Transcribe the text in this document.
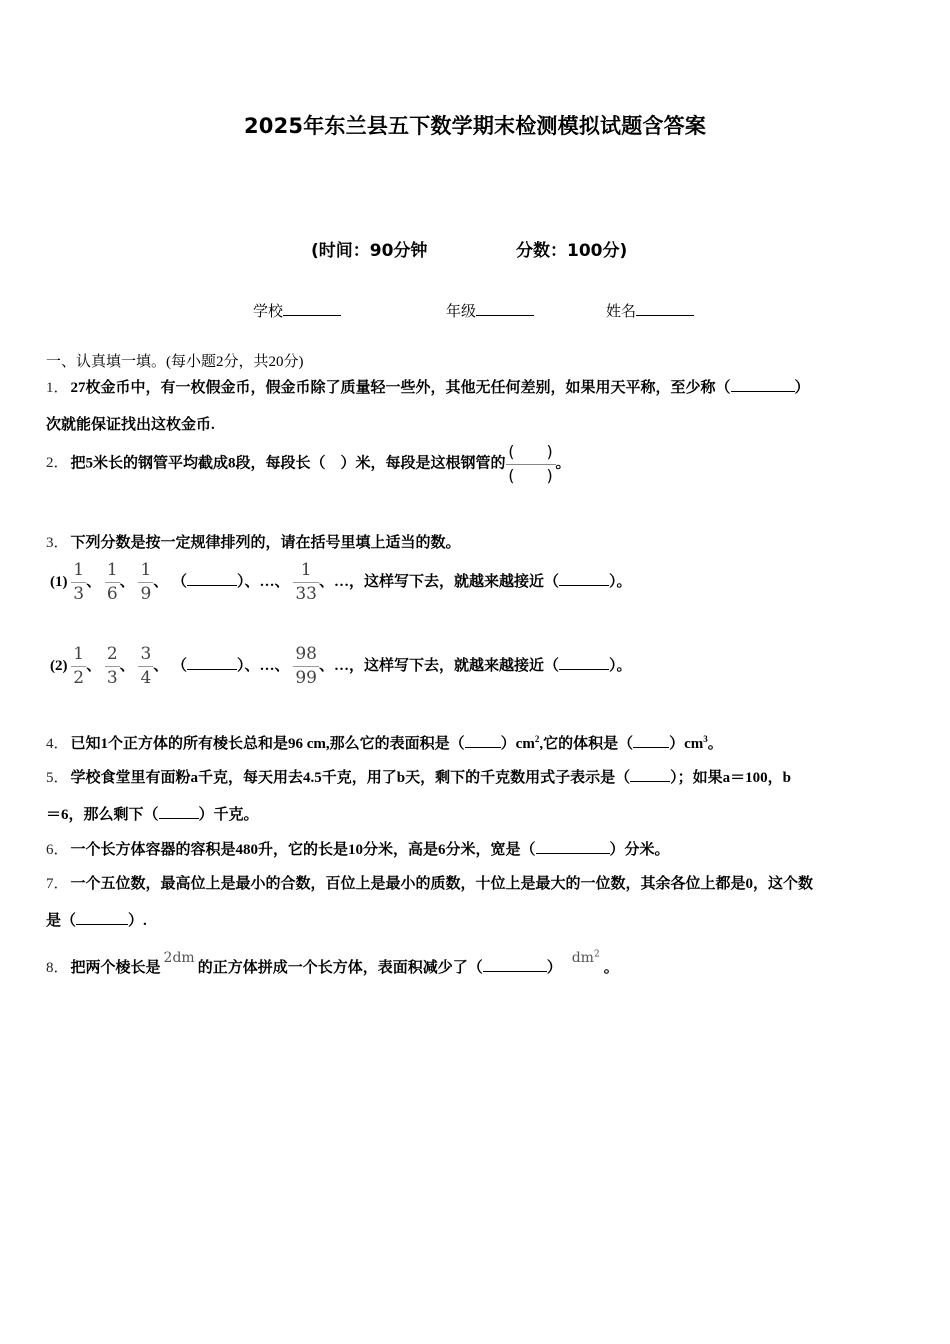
2025年东兰县五下数学期末检测模拟试题含答案
(时间：90分钟	分数：100分)
学校	年级	姓名
一、认真填一填。(每小题2分，共20分)
1． 27枚金币中，有一枚假金币，假金币除了质量轻一些外，其他无任何差别，如果用天平称，至少称（	）
次就能保证找出这枚金币.
2． 把5米长的钢管平均截成8段，每段长（　）米，每段是这根钢管的
(　　)
(　　)
。
3． 下列分数是按一定规律排列的，请在括号里填上适当的数。
$(1) \frac{1}{3}$ 、 $\frac{1}{6}$ 、 $\frac{1}{9}$ 、 （	）、…、 $\frac{1}{33}$ 、…，这样写下去，就越来越接近（	）。
$(2) \frac{1}{2}$ 、 $\frac{2}{3}$ 、 $\frac{3}{4}$ 、 （	）、…、 $\frac{98}{99}$ 、…，这样写下去，就越来越接近（	）。
4． 已知1个正方体的所有棱长总和是96 cm,那么它的表面积是（ ）$cm^2$,它的体积是（ ）$cm^3$。
5． 学校食堂里有面粉a千克，每天用去4.5千克，用了b天，剩下的千克数用式子表示是（	）；如果a＝100，b
＝6，那么剩下（	）千克。
6． 一个长方体容器的容积是480升，它的长是10分米，高是6分米，宽是（	）分米。
7． 一个五位数，最高位上是最小的合数，百位上是最小的质数，十位上是最大的一位数，其余各位上都是0，这个数
是（	）.
8． 把两个棱长是2dm的正方体拼成一个长方体，表面积减少了（	）$dm^2$。
